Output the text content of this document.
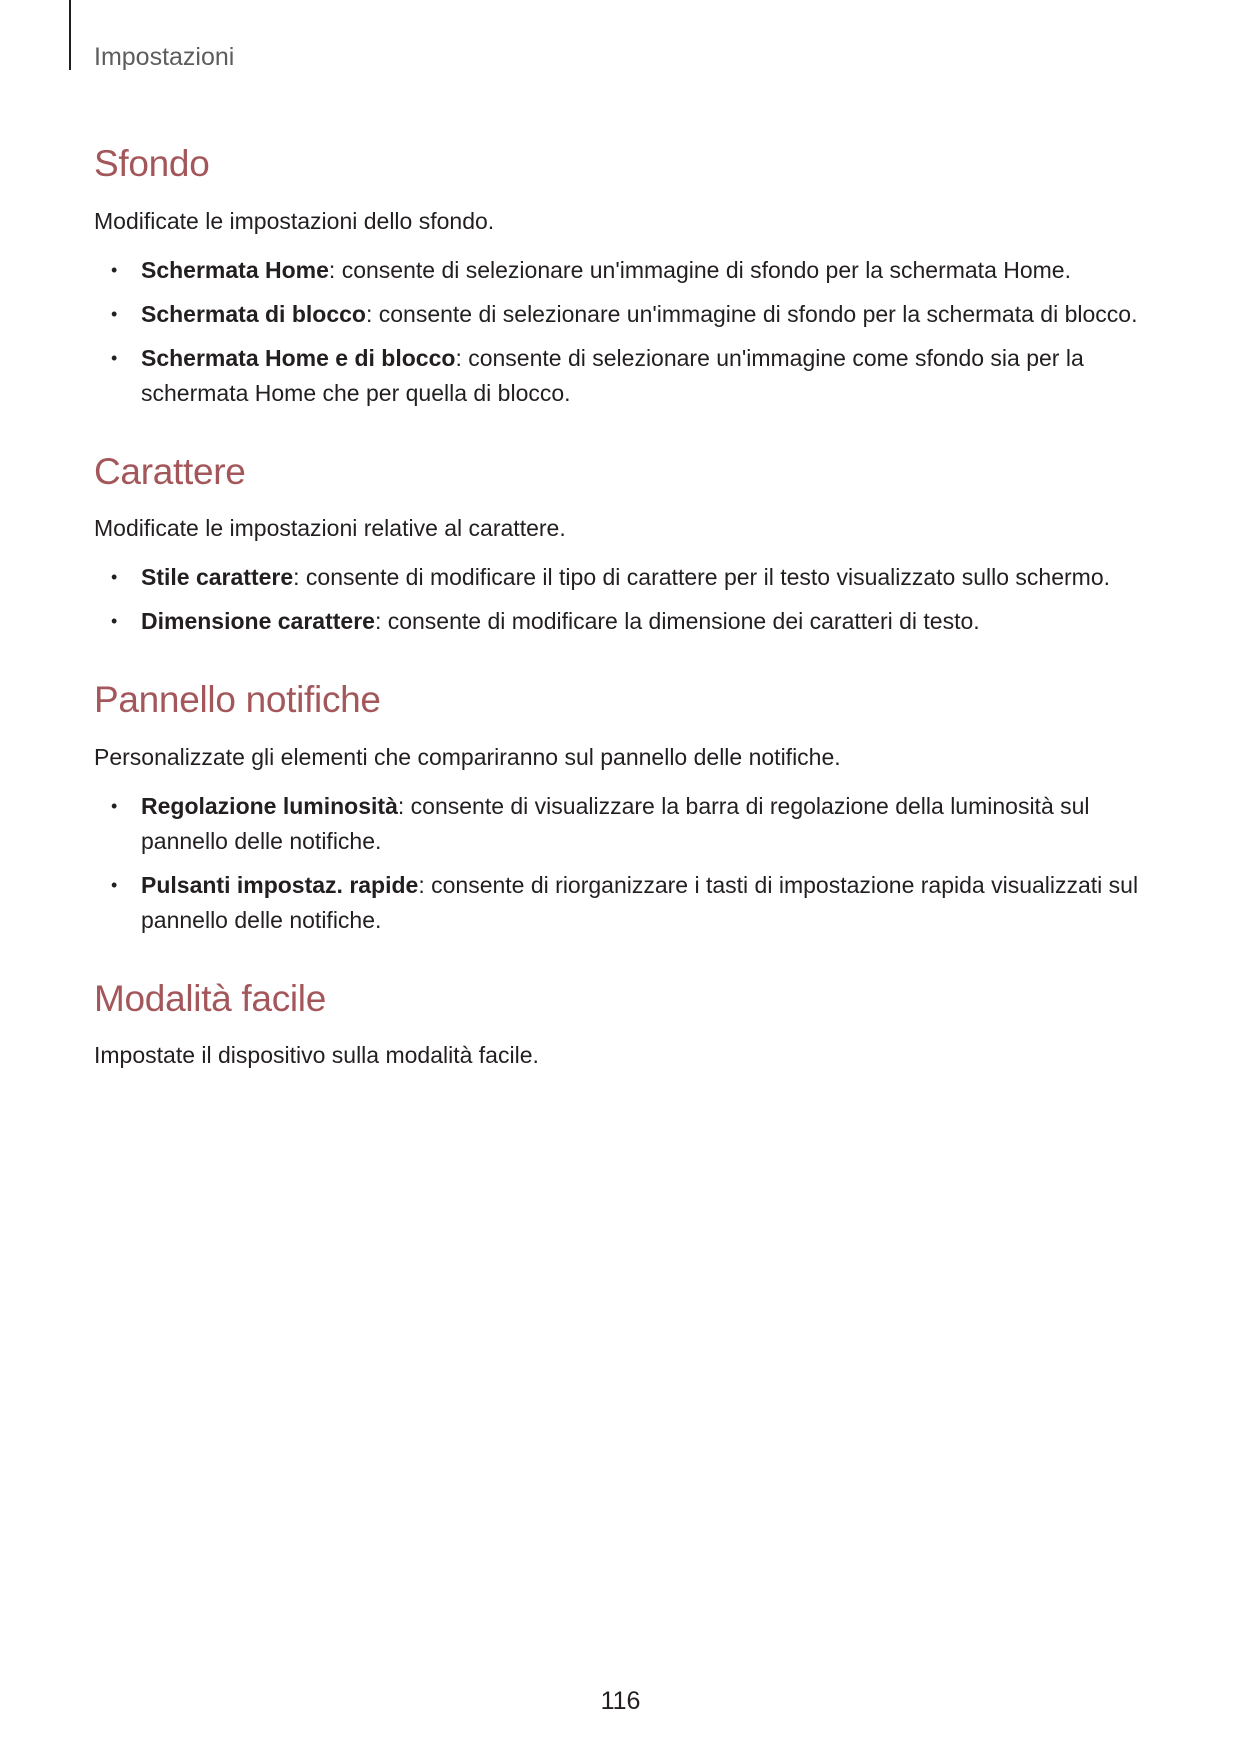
Impostazioni
Sfondo

Modificate le impostazioni dello sfondo.

• Schermata Home: consente di selezionare un'immagine di sfondo per la schermata Home.
• Schermata di blocco: consente di selezionare un'immagine di sfondo per la schermata di blocco.
• Schermata Home e di blocco: consente di selezionare un'immagine come sfondo sia per la schermata Home che per quella di blocco.
Carattere

Modificate le impostazioni relative al carattere.

• Stile carattere: consente di modificare il tipo di carattere per il testo visualizzato sullo schermo.
• Dimensione carattere: consente di modificare la dimensione dei caratteri di testo.
Pannello notifiche

Personalizzate gli elementi che compariranno sul pannello delle notifiche.

• Regolazione luminosità: consente di visualizzare la barra di regolazione della luminosità sul pannello delle notifiche.
• Pulsanti impostaz. rapide: consente di riorganizzare i tasti di impostazione rapida visualizzati sul pannello delle notifiche.
Modalità facile

Impostate il dispositivo sulla modalità facile.

116
